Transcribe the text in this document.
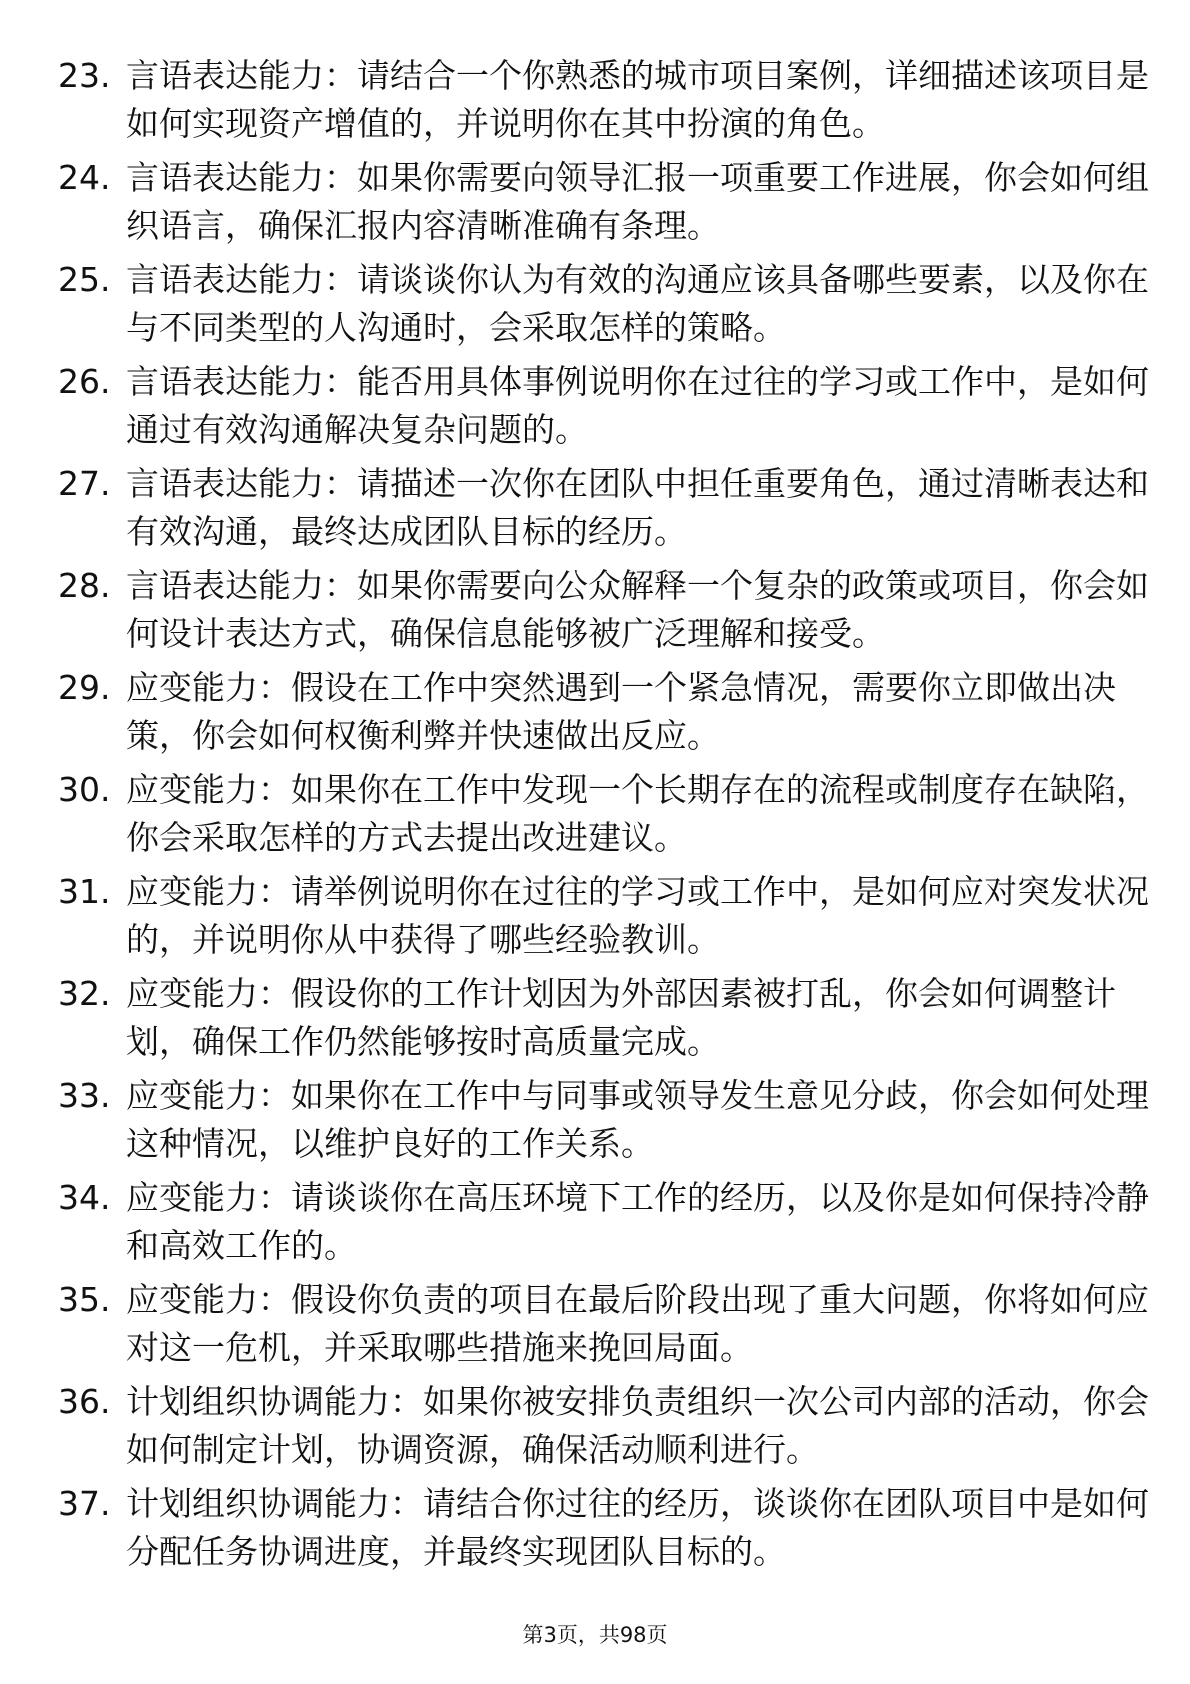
23. 言语表达能力：请结合一个你熟悉的城市项目案例，详细描述该项目是如何实现资产增值的，并说明你在其中扮演的角色。

24. 言语表达能力：如果你需要向领导汇报一项重要工作进展，你会如何组织语言，确保汇报内容清晰准确有条理。

25. 言语表达能力：请谈谈你认为有效的沟通应该具备哪些要素，以及你在与不同类型的人沟通时，会采取怎样的策略。

26. 言语表达能力：能否用具体事例说明你在过往的学习或工作中，是如何通过有效沟通解决复杂问题的。

27. 言语表达能力：请描述一次你在团队中担任重要角色，通过清晰表达和有效沟通，最终达成团队目标的经历。

28. 言语表达能力：如果你需要向公众解释一个复杂的政策或项目，你会如何设计表达方式，确保信息能够被广泛理解和接受。

29. 应变能力：假设在工作中突然遇到一个紧急情况，需要你立即做出决策，你会如何权衡利弊并快速做出反应。

30. 应变能力：如果你在工作中发现一个长期存在的流程或制度存在缺陷，你会采取怎样的方式去提出改进建议。

31. 应变能力：请举例说明你在过往的学习或工作中，是如何应对突发状况的，并说明你从中获得了哪些经验教训。

32. 应变能力：假设你的工作计划因为外部因素被打乱，你会如何调整计划，确保工作仍然能够按时高质量完成。

33. 应变能力：如果你在工作中与同事或领导发生意见分歧，你会如何处理这种情况，以维护良好的工作关系。

34. 应变能力：请谈谈你在高压环境下工作的经历，以及你是如何保持冷静和高效工作的。

35. 应变能力：假设你负责的项目在最后阶段出现了重大问题，你将如何应对这一危机，并采取哪些措施来挽回局面。

36. 计划组织协调能力：如果你被安排负责组织一次公司内部的活动，你会如何制定计划，协调资源，确保活动顺利进行。

37. 计划组织协调能力：请结合你过往的经历，谈谈你在团队项目中是如何分配任务协调进度，并最终实现团队目标的。

第3页，共98页
